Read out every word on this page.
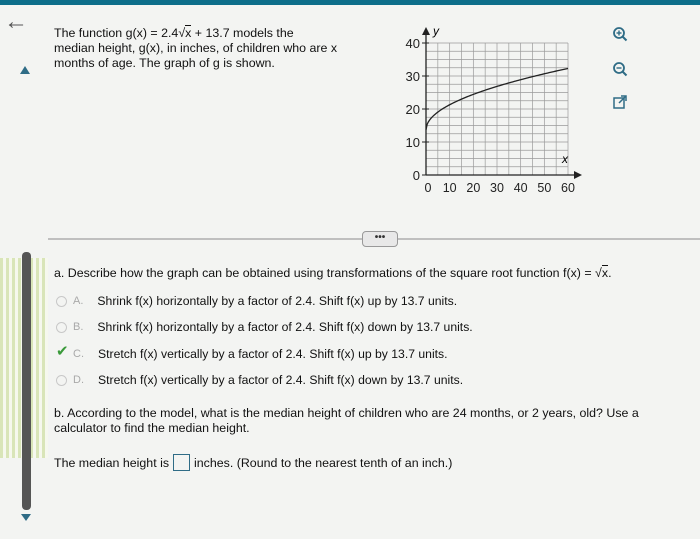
← The function g(x) = 2.4√x + 13.7 models the
median height, g(x), in inches, of children who are x
months of age. The graph of g is shown.
0
10
20
30
40
0 10 20 30 40 50 60
y
x
•••
a. Describe how the graph can be obtained using transformations of the square root function f(x) = √x.
A. Shrink f(x) horizontally by a factor of 2.4. Shift f(x) up by 13.7 units.
B. Shrink f(x) horizontally by a factor of 2.4. Shift f(x) down by 13.7 units.
C. Stretch f(x) vertically by a factor of 2.4. Shift f(x) up by 13.7 units.
✔
D. Stretch f(x) vertically by a factor of 2.4. Shift f(x) down by 13.7 units.
b. According to the model, what is the median height of children who are 24 months, or 2 years, old? Use a calculator to find the median height.
The median height is inches. (Round to the nearest tenth of an inch.)
